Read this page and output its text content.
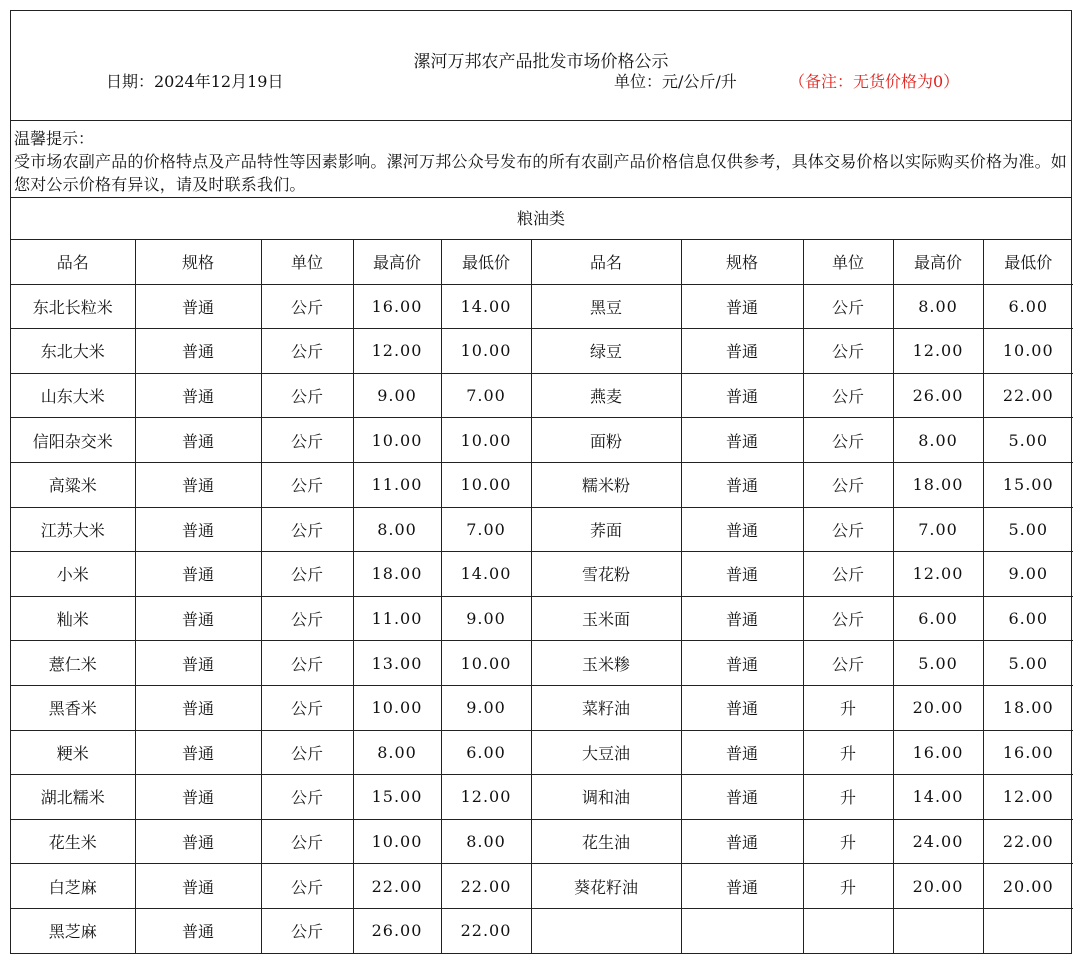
漯河万邦农产品批发市场价格公示
日期：2024年12月19日	单位：元/公斤/升	（备注：无货价格为0）
温馨提示：
受市场农副产品的价格特点及产品特性等因素影响。漯河万邦公众号发布的所有农副产品价格信息仅供参考，具体交易价格以实际购买价格为准。如您对公示价格有异议，请及时联系我们。
粮油类
品名	规格	单位	最高价	最低价	品名	规格	单位	最高价	最低价
东北长粒米	普通	公斤	16.00	14.00	黑豆	普通	公斤	8.00	6.00
东北大米	普通	公斤	12.00	10.00	绿豆	普通	公斤	12.00	10.00
山东大米	普通	公斤	9.00	7.00	燕麦	普通	公斤	26.00	22.00
信阳杂交米	普通	公斤	10.00	10.00	面粉	普通	公斤	8.00	5.00
高粱米	普通	公斤	11.00	10.00	糯米粉	普通	公斤	18.00	15.00
江苏大米	普通	公斤	8.00	7.00	荞面	普通	公斤	7.00	5.00
小米	普通	公斤	18.00	14.00	雪花粉	普通	公斤	12.00	9.00
籼米	普通	公斤	11.00	9.00	玉米面	普通	公斤	6.00	6.00
薏仁米	普通	公斤	13.00	10.00	玉米糁	普通	公斤	5.00	5.00
黑香米	普通	公斤	10.00	9.00	菜籽油	普通	升	20.00	18.00
粳米	普通	公斤	8.00	6.00	大豆油	普通	升	16.00	16.00
湖北糯米	普通	公斤	15.00	12.00	调和油	普通	升	14.00	12.00
花生米	普通	公斤	10.00	8.00	花生油	普通	升	24.00	22.00
白芝麻	普通	公斤	22.00	22.00	葵花籽油	普通	升	20.00	20.00
黑芝麻	普通	公斤	26.00	22.00					
